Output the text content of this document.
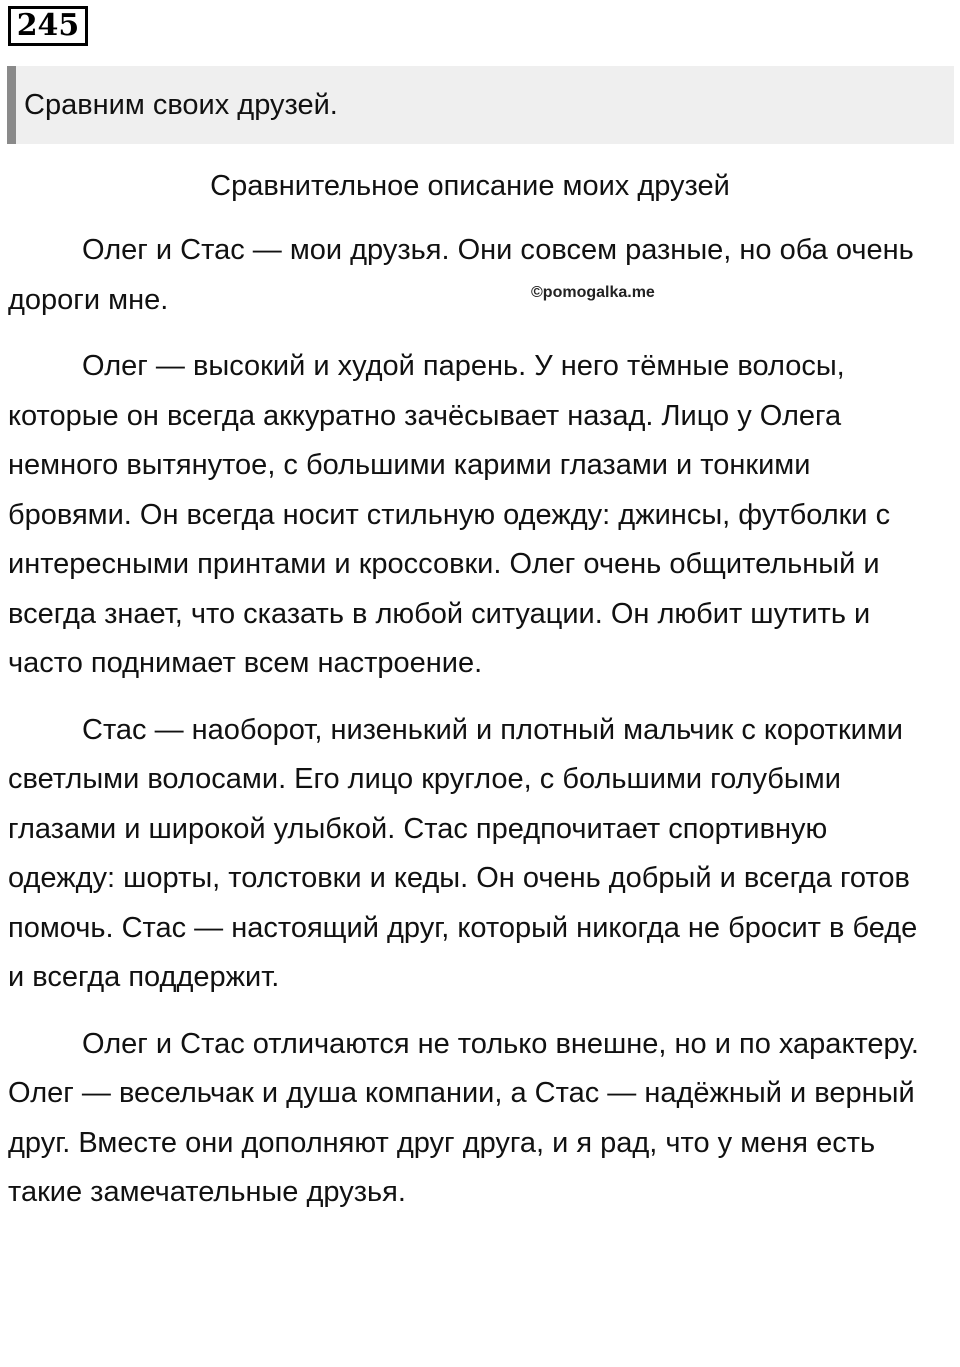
245
Сравним своих друзей.
Сравнительное описание моих друзей

Олег и Стас — мои друзья. Они совсем разные, но оба очень дороги мне.

Олег — высокий и худой парень. У него тёмные волосы, которые он всегда аккуратно зачёсывает назад. Лицо у Олега немного вытянутое, с большими карими глазами и тонкими бровями. Он всегда носит стильную одежду: джинсы, футболки с интересными принтами и кроссовки. Олег очень общительный и всегда знает, что сказать в любой ситуации. Он любит шутить и часто поднимает всем настроение.

Стас — наоборот, низенький и плотный мальчик с короткими светлыми волосами. Его лицо круглое, с большими голубыми глазами и широкой улыбкой. Стас предпочитает спортивную одежду: шорты, толстовки и кеды. Он очень добрый и всегда готов помочь. Стас — настоящий друг, который никогда не бросит в беде и всегда поддержит.

Олег и Стас отличаются не только внешне, но и по характеру. Олег — весельчак и душа компании, а Стас — надёжный и верный друг. Вместе они дополняют друг друга, и я рад, что у меня есть такие замечательные друзья.

©pomogalka.me
